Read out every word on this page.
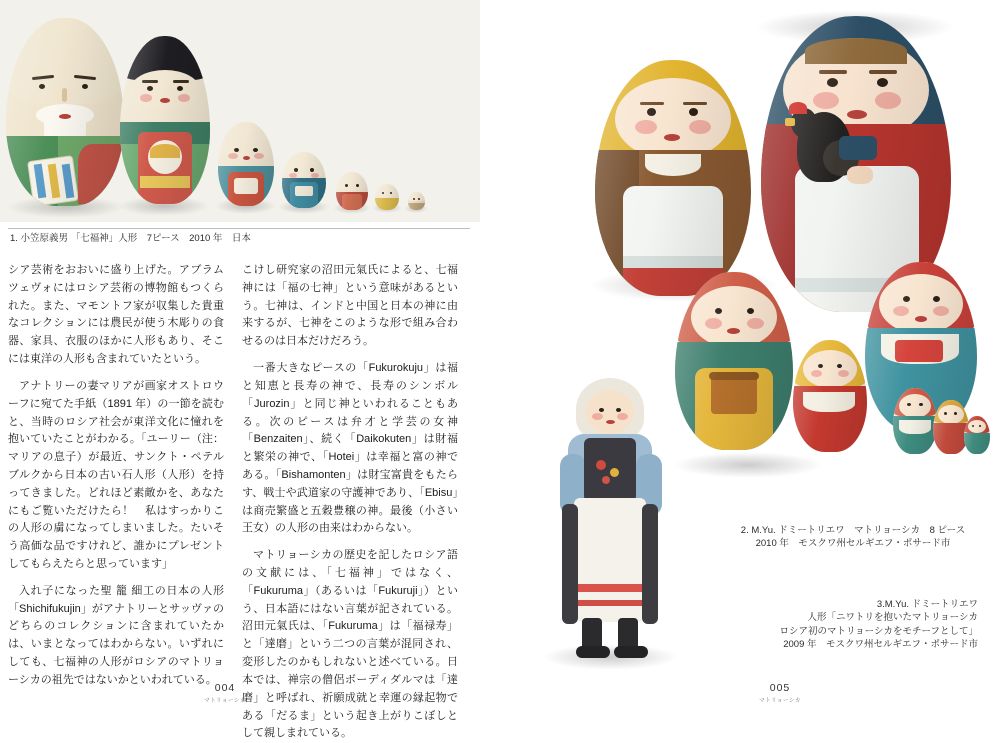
1. 小笠原義男 「七福神」人形　7ピース　2010 年　日本

シア芸術をおおいに盛り上げた。アブラムツェヴォにはロシア芸術の博物館もつくられた。また、マモントフ家が収集した貴重なコレクションには農民が使う木彫りの食器、家具、衣服のほかに人形もあり、そこには東洋の人形も含まれていたという。

アナトリーの妻マリアが画家オストロウーフに宛てた手紙（1891 年）の一節を読むと、当時のロシア社会が東洋文化に憧れを抱いていたことがわかる。「ユーリー（注：マリアの息子）が最近、サンクト・ペテルブルクから日本の古い石人形（人形）を持ってきました。どれほど素敵かを、あなたにもご覧いただけたら！　私はすっかりこの人形の虜になってしまいました。たいそう高価な品ですけれど、誰かにプレゼントしてもらえたらと思っています」

入れ子になった聖 籠 細工の日本の人形「Shichifukujin」がアナトリーとサッヴァのどちらのコレクションに含まれていたかは、いまとなってはわからない。いずれにしても、七福神の人形がロシアのマトリョーシカの祖先ではないかといわれている。

こけし研究家の沼田元氣氏によると、七福神には「福の七神」という意味があるという。七神は、インドと中国と日本の神に由来するが、七神をこのような形で組み合わせるのは日本だけだろう。

一番大きなピースの「Fukurokuju」は福と知恵と長寿の神で、長寿のシンボル「Jurozin」と同じ神といわれることもある。次のピースは弁才と学芸の女神「Benzaiten」、続く「Daikokuten」は財福と繁栄の神で、「Hotei」は幸福と富の神である。「Bishamonten」は財宝富貴をもたらす、戦士や武道家の守護神であり、「Ebisu」は商売繁盛と五穀豊穣の神。最後（小さい王女）の人形の由来はわからない。

マトリョーシカの歴史を記したロシア語の文献には、「七福神」ではなく、「Fukuruma」（あるいは「Fukuruji」）という、日本語にはない言葉が記されている。沼田元氣氏は、「Fukuruma」は「福禄寿」と「達磨」という二つの言葉が混同され、変形したのかもしれないと述べている。日本では、禅宗の僧侶ボーディダルマは「達磨」と呼ばれ、祈願成就と幸運の縁起物である「だるま」という起き上がりこぼしとして親しまれている。

004
マトリョーシカ
2. M.Yu. ドミートリエワ　マトリョーシカ　8 ピース
2010 年　モスクワ州セルギエフ・ポサード市
3.M.Yu. ドミートリエワ
人形「ニワトリを抱いたマトリョーシカ
ロシア初のマトリョーシカをモチーフとして」
2009 年　モスクワ州セルギエフ・ポサード市
005
マトリョーシカ
